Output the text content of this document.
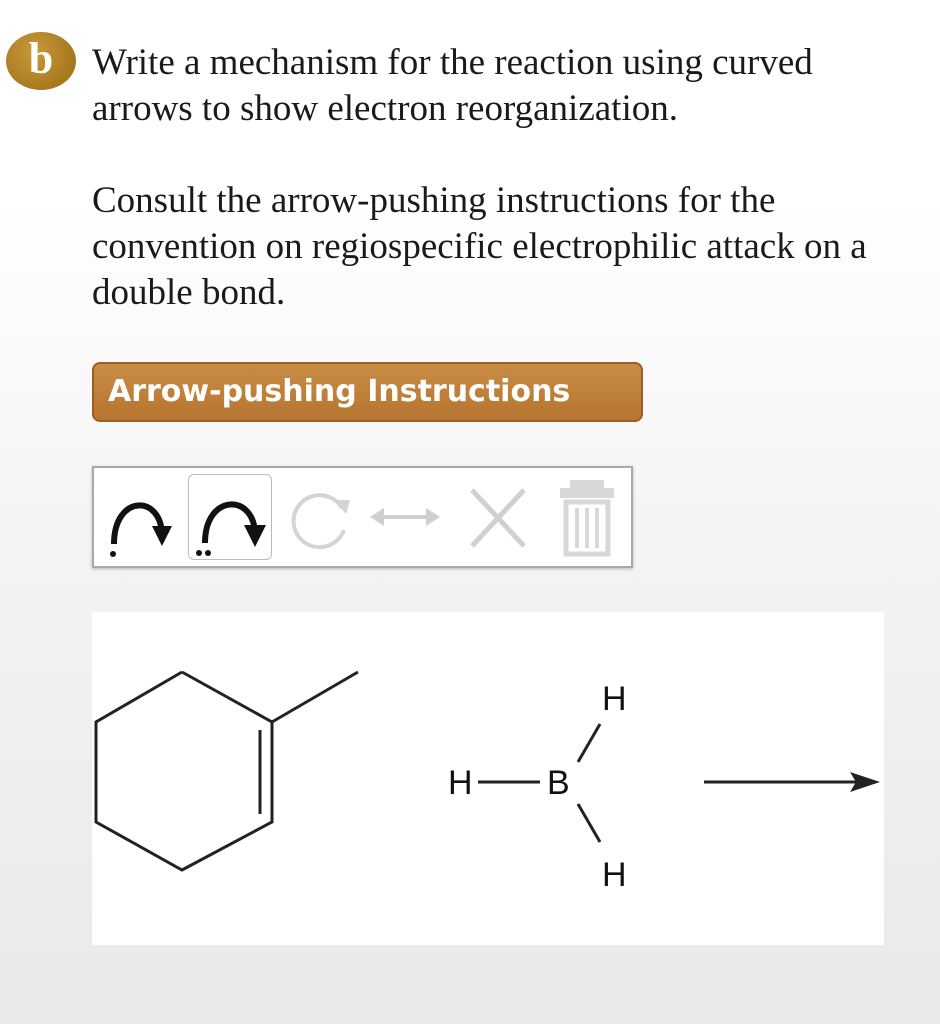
b	Write a mechanism for the reaction using curved arrows to show electron reorganization.
Consult the arrow-pushing instructions for the convention on regiospecific electrophilic attack on a double bond.
Arrow-pushing Instructions
H B
H
H
